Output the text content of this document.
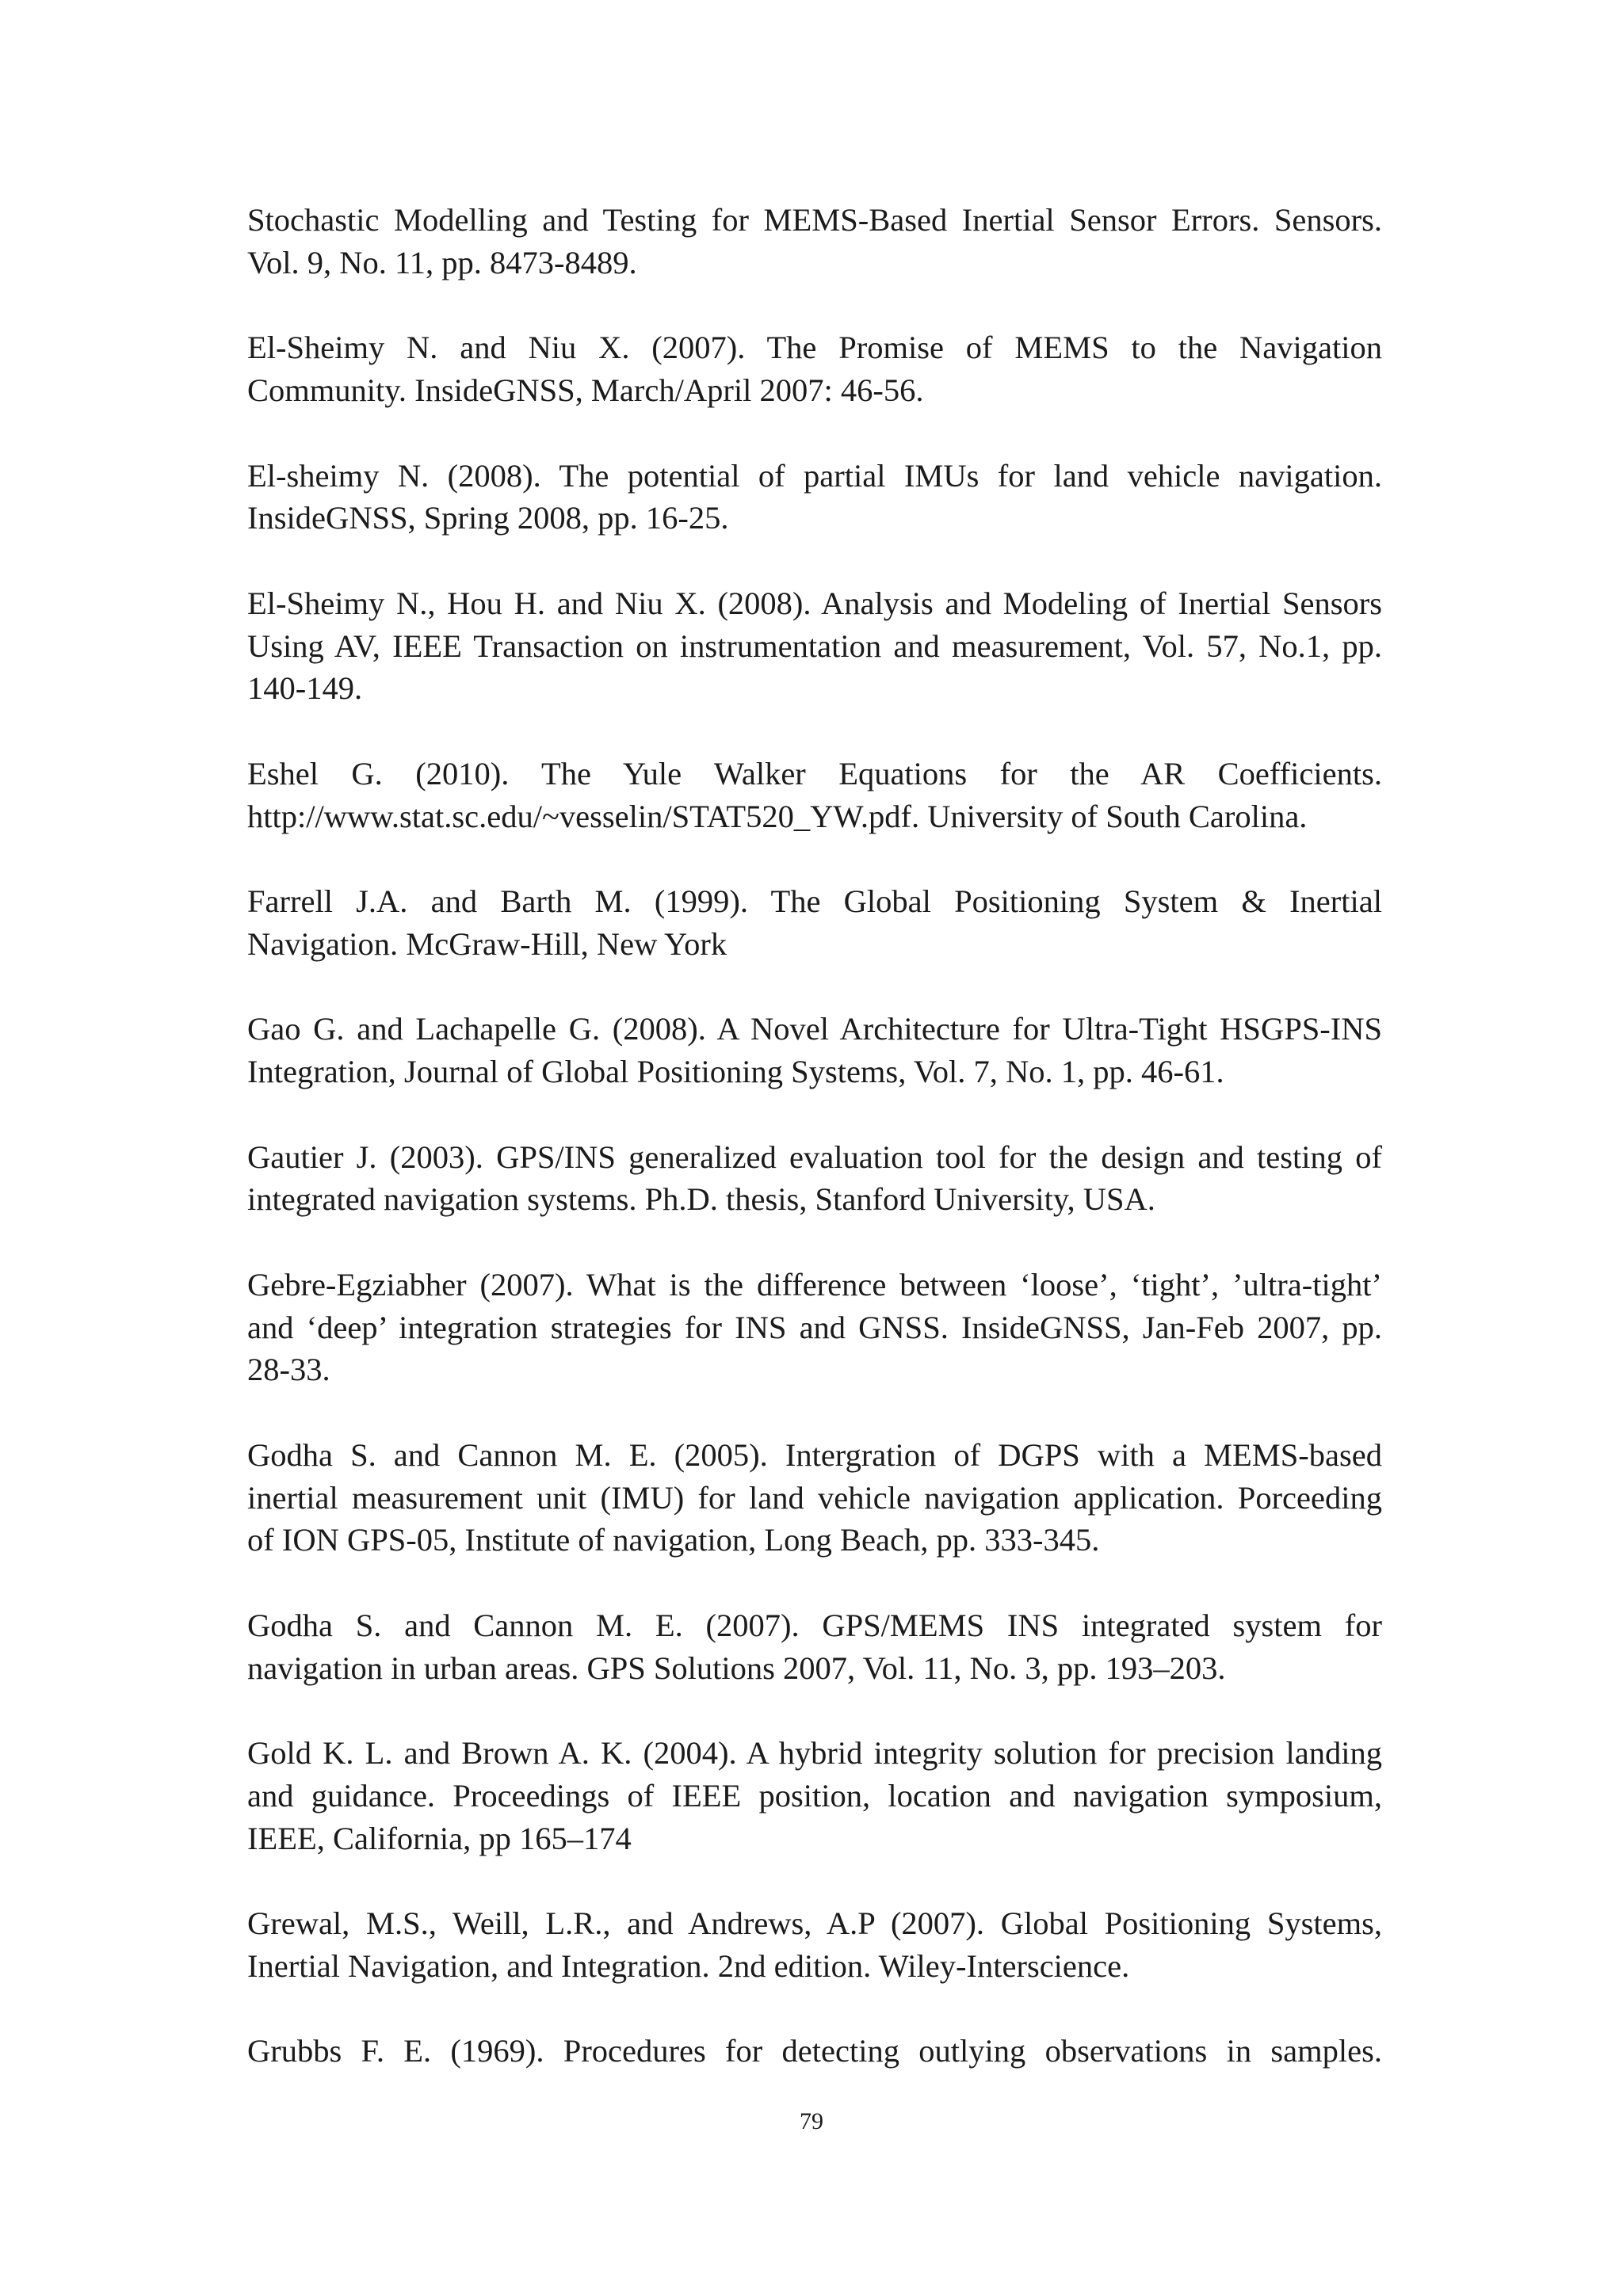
Stochastic Modelling and Testing for MEMS-Based Inertial Sensor Errors. Sensors.
Vol. 9, No. 11, pp. 8473-8489.
El-Sheimy N. and Niu X. (2007). The Promise of MEMS to the Navigation
Community. InsideGNSS, March/April 2007: 46-56.
El-sheimy N. (2008). The potential of partial IMUs for land vehicle navigation.
InsideGNSS, Spring 2008, pp. 16-25.
El-Sheimy N., Hou H. and Niu X. (2008). Analysis and Modeling of Inertial Sensors
Using AV, IEEE Transaction on instrumentation and measurement, Vol. 57, No.1, pp.
140-149.
Eshel G. (2010). The Yule Walker Equations for the AR Coefficients.
http://www.stat.sc.edu/~vesselin/STAT520_YW.pdf. University of South Carolina.
Farrell J.A. and Barth M. (1999). The Global Positioning System & Inertial
Navigation. McGraw-Hill, New York
Gao G. and Lachapelle G. (2008). A Novel Architecture for Ultra-Tight HSGPS-INS
Integration, Journal of Global Positioning Systems, Vol. 7, No. 1, pp. 46-61.
Gautier J. (2003). GPS/INS generalized evaluation tool for the design and testing of
integrated navigation systems. Ph.D. thesis, Stanford University, USA.
Gebre-Egziabher (2007). What is the difference between ‘loose’, ‘tight’, ’ultra-tight’
and ‘deep’ integration strategies for INS and GNSS. InsideGNSS, Jan-Feb 2007, pp.
28-33.
Godha S. and Cannon M. E. (2005). Intergration of DGPS with a MEMS-based
inertial measurement unit (IMU) for land vehicle navigation application. Porceeding
of ION GPS-05, Institute of navigation, Long Beach, pp. 333-345.
Godha S. and Cannon M. E. (2007). GPS/MEMS INS integrated system for
navigation in urban areas. GPS Solutions 2007, Vol. 11, No. 3, pp. 193–203.
Gold K. L. and Brown A. K. (2004). A hybrid integrity solution for precision landing
and guidance. Proceedings of IEEE position, location and navigation symposium,
IEEE, California, pp 165–174
Grewal, M.S., Weill, L.R., and Andrews, A.P (2007). Global Positioning Systems,
Inertial Navigation, and Integration. 2nd edition. Wiley-Interscience.
Grubbs F. E. (1969). Procedures for detecting outlying observations in samples.
79
